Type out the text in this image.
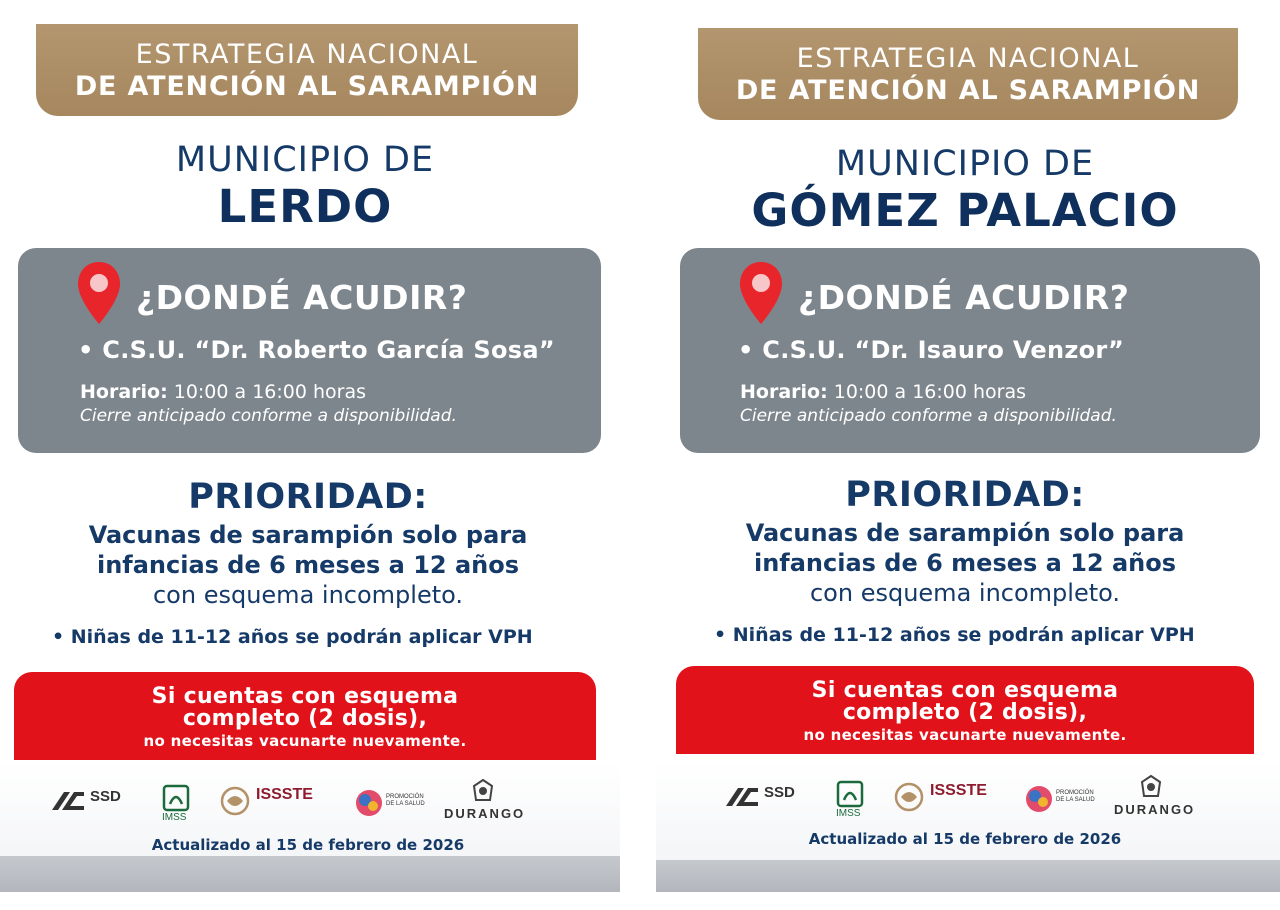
ESTRATEGIA NACIONAL
DE ATENCIÓN AL SARAMPIÓN
MUNICIPIO DE
LERDO
¿DONDÉ ACUDIR?
• C.S.U. “Dr. Roberto García Sosa”
Horario: 10:00 a 16:00 horas
Cierre anticipado conforme a disponibilidad.
PRIORIDAD:
Vacunas de sarampión solo para
infancias de 6 meses a 12 años
con esquema incompleto.
• Niñas de 11-12 años se podrán aplicar VPH
Si cuentas con esquema
completo (2 dosis),
no necesitas vacunarte nuevamente.
SSD
IMSS
ISSSTE	PROMOCIÓN DE LA SALUD
DURANGO
Actualizado al 15 de febrero de 2026
ESTRATEGIA NACIONAL
DE ATENCIÓN AL SARAMPIÓN
MUNICIPIO DE
GÓMEZ PALACIO
¿DONDÉ ACUDIR?
• C.S.U. “Dr. Isauro Venzor”
Horario: 10:00 a 16:00 horas
Cierre anticipado conforme a disponibilidad.
PRIORIDAD:
Vacunas de sarampión solo para
infancias de 6 meses a 12 años
con esquema incompleto.
• Niñas de 11-12 años se podrán aplicar VPH
Si cuentas con esquema
completo (2 dosis),
no necesitas vacunarte nuevamente.
SSD
IMSS
ISSSTE	PROMOCIÓN DE LA SALUD
DURANGO
Actualizado al 15 de febrero de 2026
